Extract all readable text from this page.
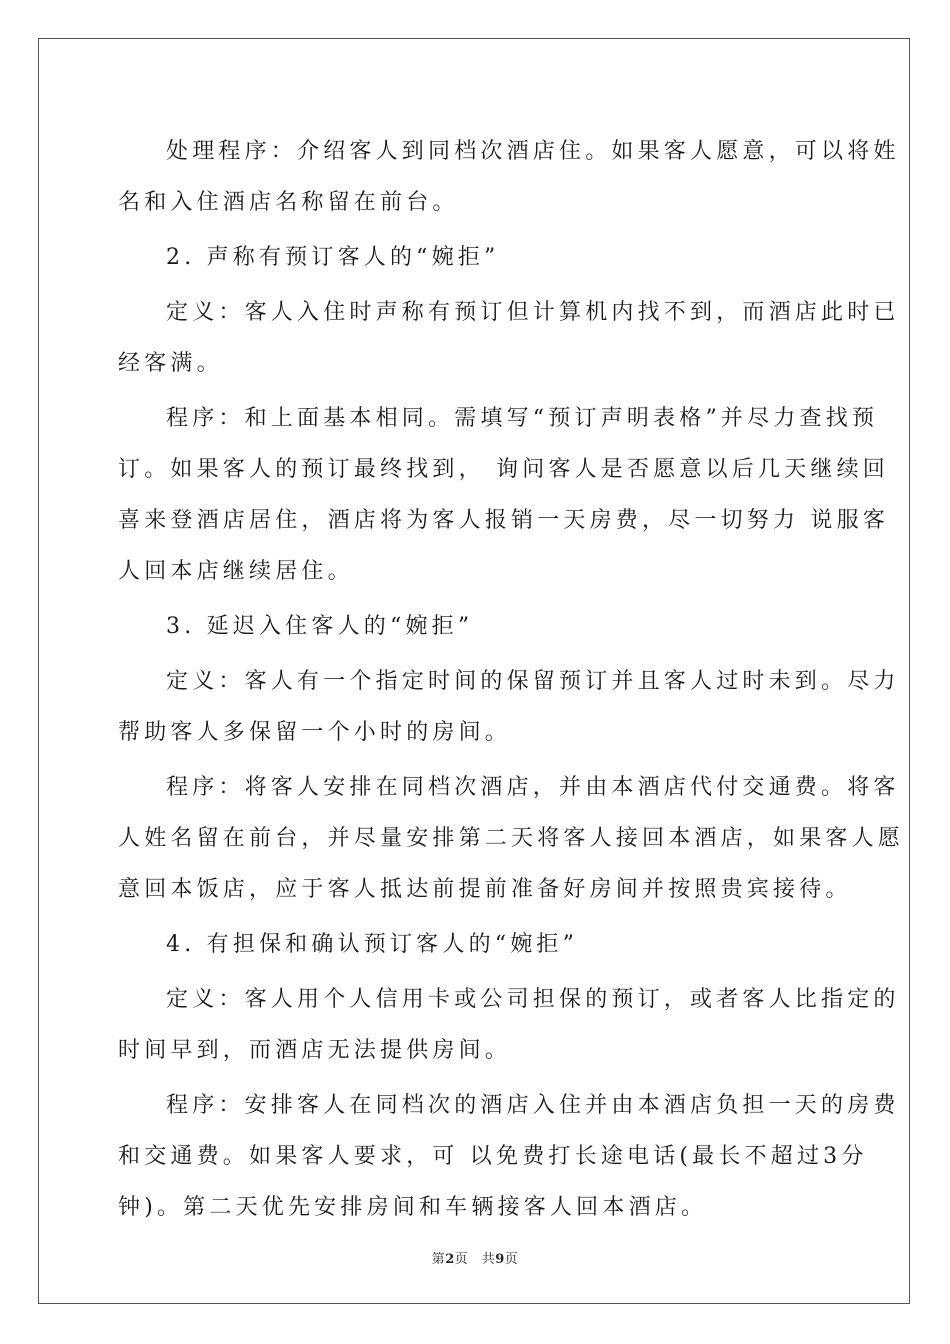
处理程序：介绍客人到同档次酒店住。如果客人愿意，可以将姓
名和入住酒店名称留在前台。

2. 声称有预订客人的“婉拒”

定义：客人入住时声称有预订但计算机内找不到，而酒店此时已
经客满。

程序：和上面基本相同。需填写“预订声明表格”并尽力查找预
订。如果客人的预订最终找到， 询问客人是否愿意以后几天继续回
喜来登酒店居住，酒店将为客人报销一天房费，尽一切努力 说服客
人回本店继续居住。

3. 延迟入住客人的“婉拒”

定义：客人有一个指定时间的保留预订并且客人过时未到。尽力
帮助客人多保留一个小时的房间。

程序：将客人安排在同档次酒店，并由本酒店代付交通费。将客
人姓名留在前台，并尽量安排第二天将客人接回本酒店，如果客人愿
意回本饭店，应于客人抵达前提前准备好房间并按照贵宾接待。

4. 有担保和确认预订客人的“婉拒”

定义：客人用个人信用卡或公司担保的预订，或者客人比指定的
时间早到，而酒店无法提供房间。

程序：安排客人在同档次的酒店入住并由本酒店负担一天的房费
和交通费。如果客人要求，可 以免费打长途电话(最长不超过3分
钟)。第二天优先安排房间和车辆接客人回本酒店。

第2页　共9页
